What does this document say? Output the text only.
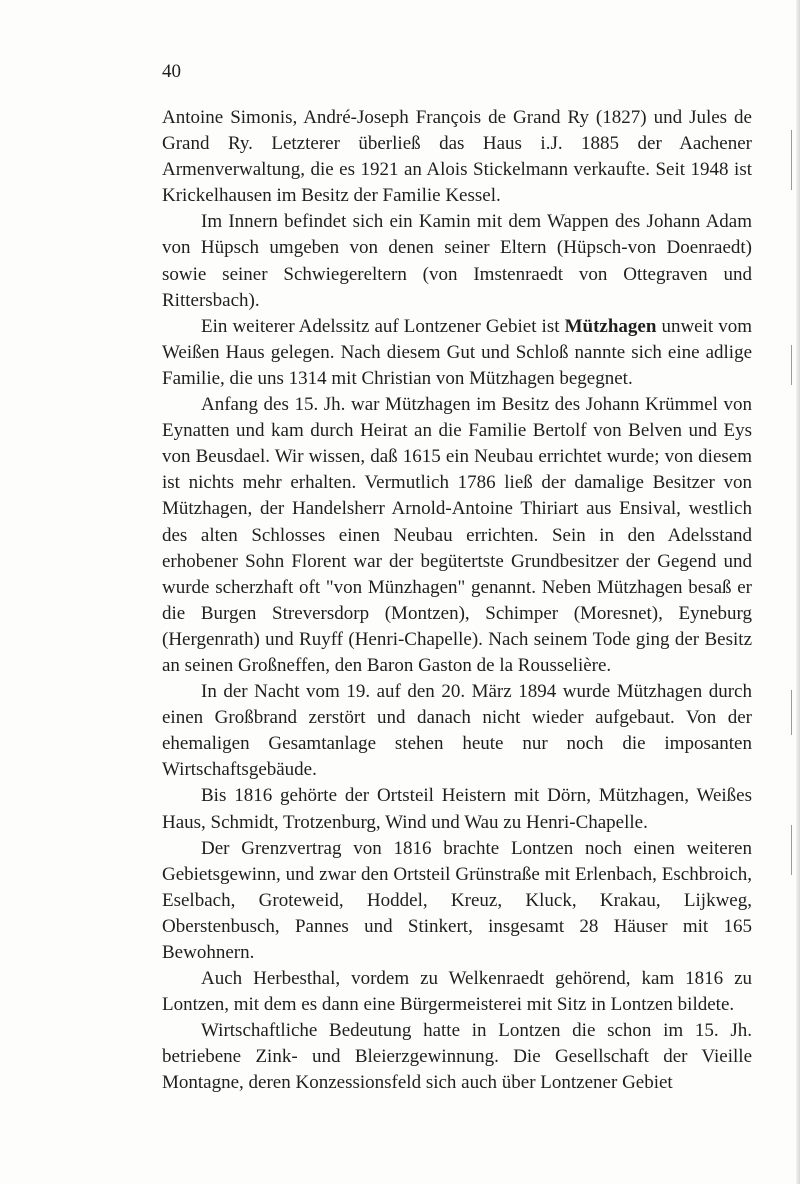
40

Antoine Simonis, André-Joseph François de Grand Ry (1827) und Jules de Grand Ry. Letzterer überließ das Haus i.J. 1885 der Aachener Armenverwaltung, die es 1921 an Alois Stickelmann verkaufte. Seit 1948 ist Krickelhausen im Besitz der Familie Kessel.

Im Innern befindet sich ein Kamin mit dem Wappen des Johann Adam von Hüpsch umgeben von denen seiner Eltern (Hüpsch-von Doenraedt) sowie seiner Schwiegereltern (von Imstenraedt von Ottegraven und Rittersbach).

Ein weiterer Adelssitz auf Lontzener Gebiet ist Mützhagen unweit vom Weißen Haus gelegen. Nach diesem Gut und Schloß nannte sich eine adlige Familie, die uns 1314 mit Christian von Mützhagen begegnet.

Anfang des 15. Jh. war Mützhagen im Besitz des Johann Krümmel von Eynatten und kam durch Heirat an die Familie Bertolf von Belven und Eys von Beusdael. Wir wissen, daß 1615 ein Neubau errichtet wurde; von diesem ist nichts mehr erhalten. Vermutlich 1786 ließ der damalige Besitzer von Mützhagen, der Handelsherr Arnold-Antoine Thiriart aus Ensival, westlich des alten Schlosses einen Neubau errichten. Sein in den Adelsstand erhobener Sohn Florent war der begütertste Grundbesitzer der Gegend und wurde scherzhaft oft "von Münzhagen" genannt. Neben Mützhagen besaß er die Burgen Streversdorp (Montzen), Schimper (Moresnet), Eyneburg (Hergenrath) und Ruyff (Henri-Chapelle). Nach seinem Tode ging der Besitz an seinen Großneffen, den Baron Gaston de la Rousselière.

In der Nacht vom 19. auf den 20. März 1894 wurde Mützhagen durch einen Großbrand zerstört und danach nicht wieder aufgebaut. Von der ehemaligen Gesamtanlage stehen heute nur noch die imposanten Wirtschaftsgebäude.

Bis 1816 gehörte der Ortsteil Heistern mit Dörn, Mützhagen, Weißes Haus, Schmidt, Trotzenburg, Wind und Wau zu Henri-Chapelle.

Der Grenzvertrag von 1816 brachte Lontzen noch einen weiteren Gebietsgewinn, und zwar den Ortsteil Grünstraße mit Erlenbach, Eschbroich, Eselbach, Groteweid, Hoddel, Kreuz, Kluck, Krakau, Lijkweg, Oberstenbusch, Pannes und Stinkert, insgesamt 28 Häuser mit 165 Bewohnern.

Auch Herbesthal, vordem zu Welkenraedt gehörend, kam 1816 zu Lontzen, mit dem es dann eine Bürgermeisterei mit Sitz in Lontzen bildete.

Wirtschaftliche Bedeutung hatte in Lontzen die schon im 15. Jh. betriebene Zink- und Bleierzgewinnung. Die Gesellschaft der Vieille Montagne, deren Konzessionsfeld sich auch über Lontzener Gebiet
